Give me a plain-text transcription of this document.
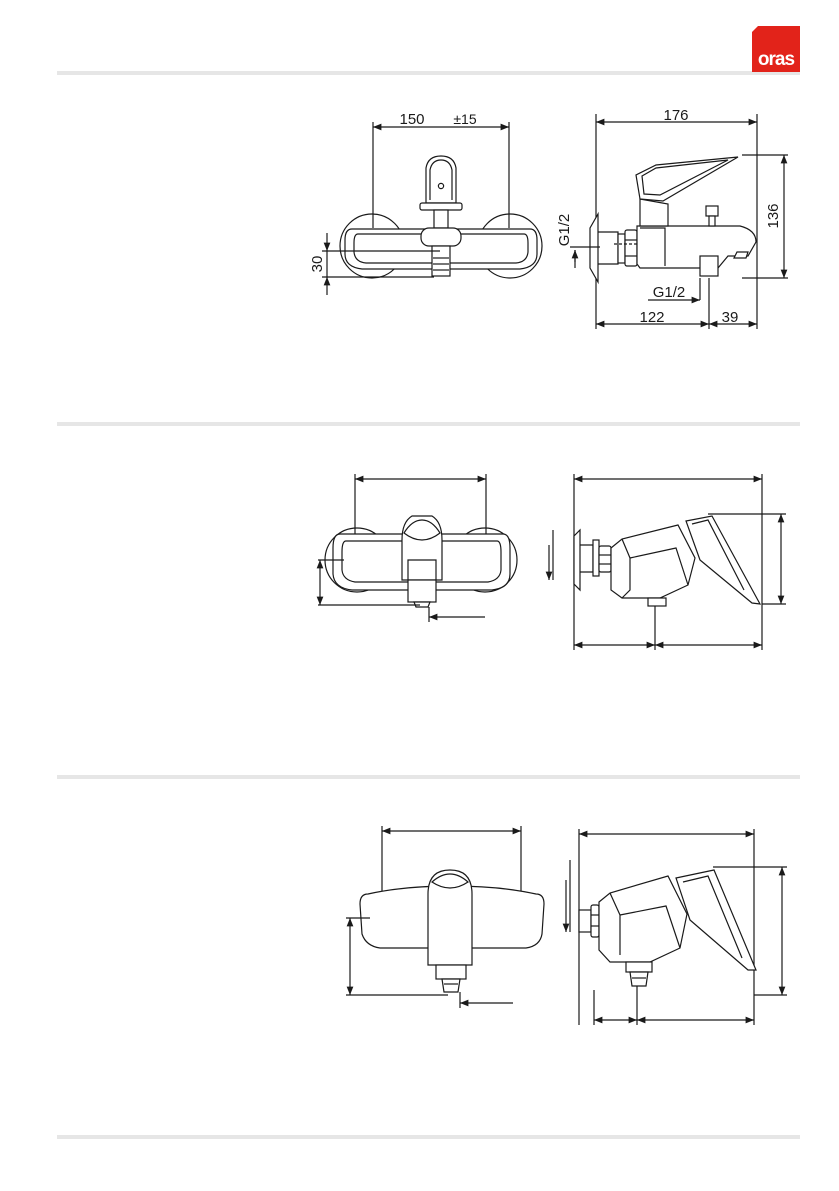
oras
150 ±15
30
176
136
G1/2
G1/2
122	39
